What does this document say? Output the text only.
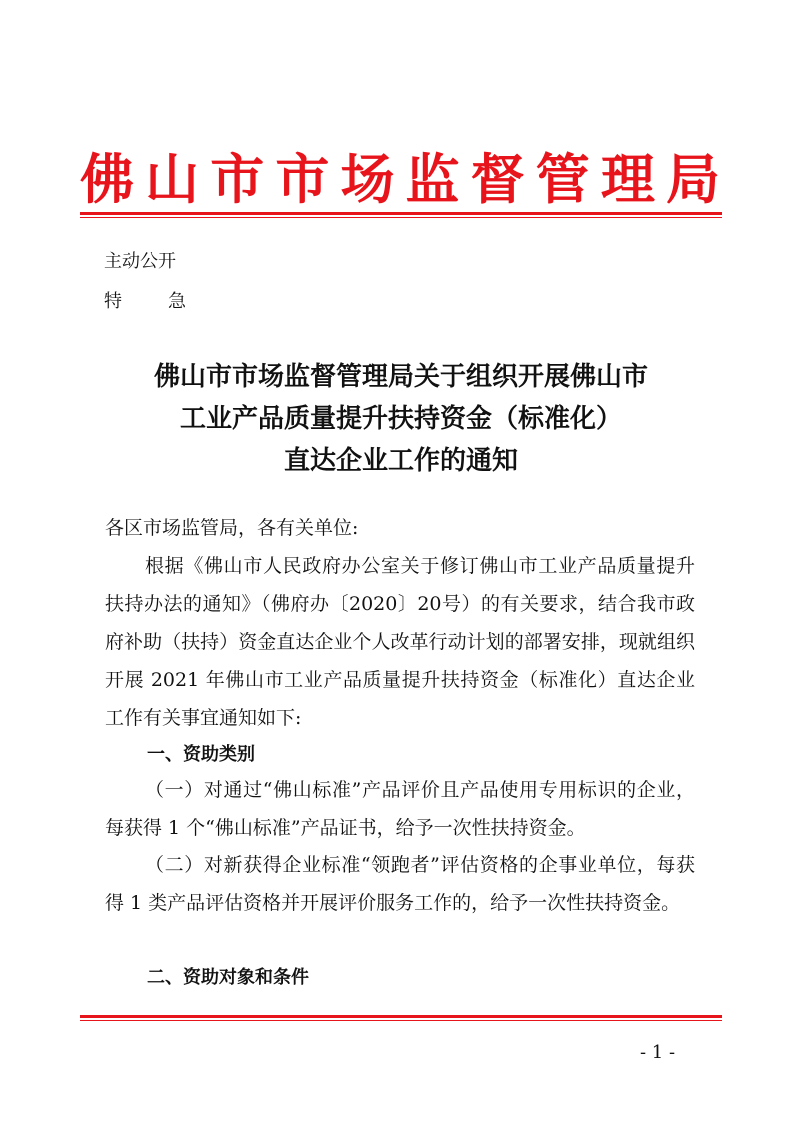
佛 山 市 市 场 监 督 管 理 局
主动公开
特　急
佛山市市场监督管理局关于组织开展佛山市
工业产品质量提升扶持资金（标准化）
直达企业工作的通知
各区市场监管局，各有关单位:
根据《佛山市人民政府办公室关于修订佛山市工业产品质量提升扶持办法的通知》（佛府办〔2020〕20号）的有关要求，结合我市政府补助（扶持）资金直达企业个人改革行动计划的部署安排，现就组织开展 2021 年佛山市工业产品质量提升扶持资金（标准化）直达企业工作有关事宜通知如下:
一、资助类别
（一）对通过“佛山标准”产品评价且产品使用专用标识的企业，每获得 1 个“佛山标准”产品证书，给予一次性扶持资金。
（二）对新获得企业标准“领跑者”评估资格的企事业单位，每获得 1 类产品评估资格并开展评价服务工作的，给予一次性扶持资金。
二、资助对象和条件
- 1 -
